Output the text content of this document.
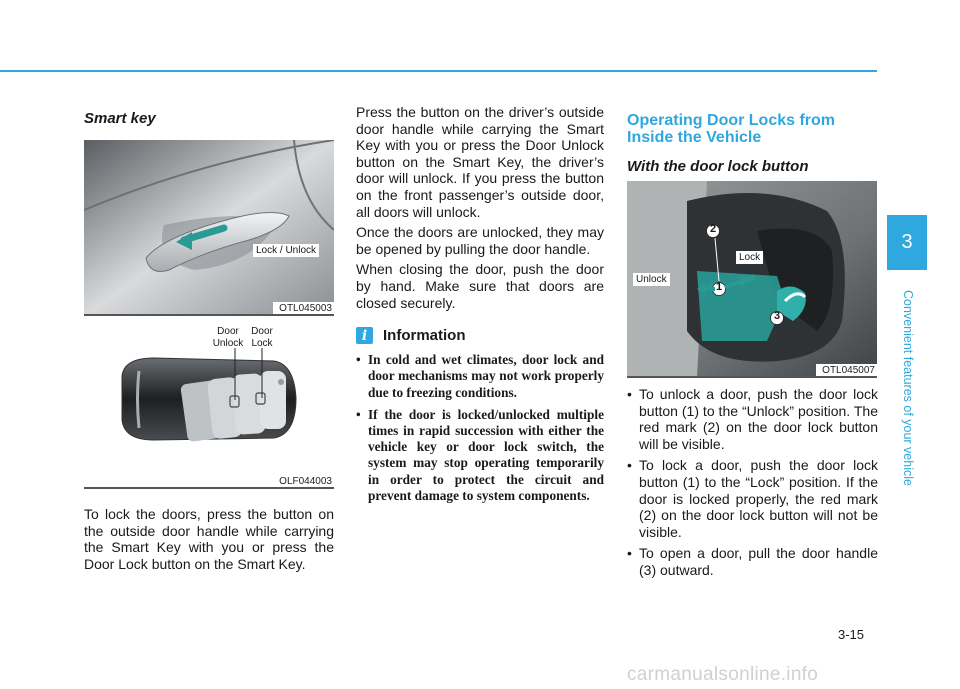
Smart key
Lock / Unlock
OTL045003
Door
Unlock
Door
Lock
OLF044003

To lock the doors, press the button on the outside door handle while carrying the Smart Key with you or press the Door Lock button on the Smart Key.

Press the button on the driver’s outside door handle while carrying the Smart Key with you or press the Door Unlock button on the Smart Key, the driver’s door will unlock. If you press the button on the front passenger’s outside door, all doors will unlock.

Once the doors are unlocked, they may be opened by pulling the door handle.

When closing the door, push the door by hand. Make sure that doors are closed securely.

i	Information
• In cold and wet climates, door lock and door mechanisms may not work properly due to freezing conditions.
• If the door is locked/unlocked multiple times in rapid succession with either the vehicle key or door lock switch, the system may stop operating temporarily in order to protect the circuit and prevent damage to system components.
Operating Door Locks from
Inside the Vehicle
With the door lock button
2
1
3
Unlock
Lock
OTL045007
• To unlock a door, push the door lock button (1) to the “Unlock” position. The red mark (2) on the door lock button will be visible.
• To lock a door, push the door lock button (1) to the “Lock” position. If the door is locked properly, the red mark (2) on the door lock button will not be visible.
• To open a door, pull the door handle (3) outward.
3
Convenient features of your vehicle
3-15
carmanualsonline.info
